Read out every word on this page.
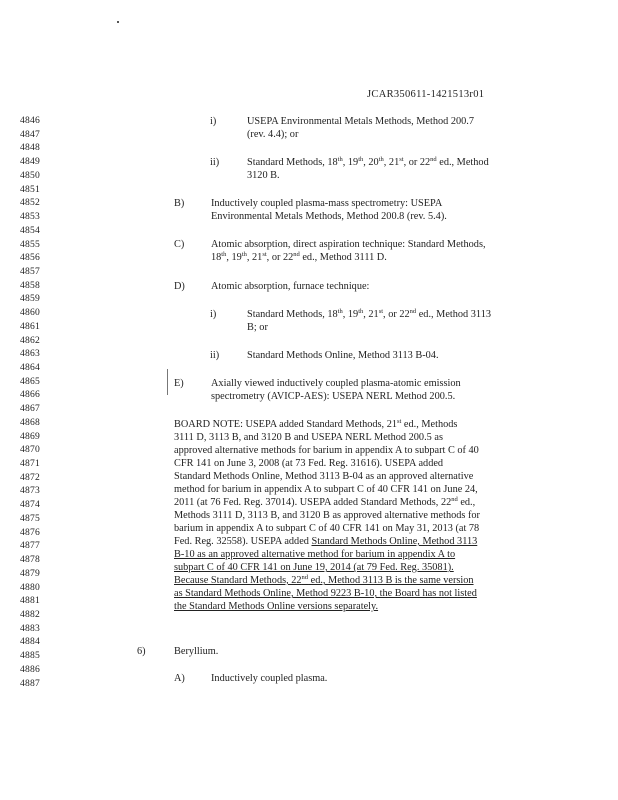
JCAR350611-1421513r01
4846
4847
4848
4849
4850
4851
4852
4853
4854
4855
4856
4857
4858
4859
4860
4861
4862
4863
4864
4865
4866
4867
4868
4869
4870
4871
4872
4873
4874
4875
4876
4877
4878
4879
4880
4881
4882
4883
4884
4885
4886
4887
i)	USEPA Environmental Metals Methods, Method 200.7
(rev. 4.4); or
ii)	Standard Methods, 18th, 19th, 20th, 21st, or 22nd ed., Method
3120 B.
B)	Inductively coupled plasma-mass spectrometry: USEPA
Environmental Metals Methods, Method 200.8 (rev. 5.4).
C)	Atomic absorption, direct aspiration technique: Standard Methods,
18th, 19th, 21st, or 22nd ed., Method 3111 D.
D)	Atomic absorption, furnace technique:
i)	Standard Methods, 18th, 19th, 21st, or 22nd ed., Method 3113
B; or
ii)	Standard Methods Online, Method 3113 B-04.
E)	Axially viewed inductively coupled plasma-atomic emission
spectrometry (AVICP-AES): USEPA NERL Method 200.5.
BOARD NOTE: USEPA added Standard Methods, 21st ed., Methods
3111 D, 3113 B, and 3120 B and USEPA NERL Method 200.5 as
approved alternative methods for barium in appendix A to subpart C of 40
CFR 141 on June 3, 2008 (at 73 Fed. Reg. 31616). USEPA added
Standard Methods Online, Method 3113 B-04 as an approved alternative
method for barium in appendix A to subpart C of 40 CFR 141 on June 24,
2011 (at 76 Fed. Reg. 37014). USEPA added Standard Methods, 22nd ed.,
Methods 3111 D, 3113 B, and 3120 B as approved alternative methods for
barium in appendix A to subpart C of 40 CFR 141 on May 31, 2013 (at 78
Fed. Reg. 32558). USEPA added Standard Methods Online, Method 3113
B-10 as an approved alternative method for barium in appendix A to
subpart C of 40 CFR 141 on June 19, 2014 (at 79 Fed. Reg. 35081).
Because Standard Methods, 22nd ed., Method 3113 B is the same version
as Standard Methods Online, Method 9223 B-10, the Board has not listed
the Standard Methods Online versions separately.
6)	Beryllium.
A)	Inductively coupled plasma.
